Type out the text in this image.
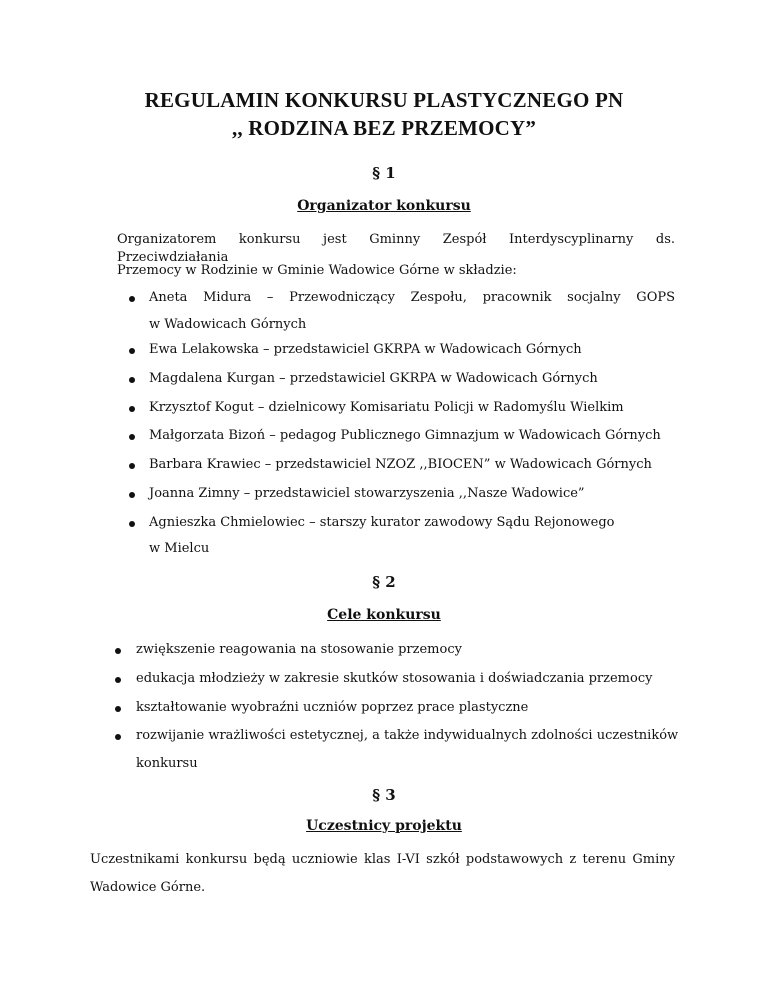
REGULAMIN KONKURSU PLASTYCZNEGO PN
,, RODZINA BEZ PRZEMOCY”
§ 1
Organizator konkursu
Organizatorem konkursu jest Gminny Zespół Interdyscyplinarny ds. Przeciwdziałania
Przemocy w Rodzinie w Gminie Wadowice Górne w składzie:
Aneta Midura – Przewodniczący Zespołu, pracownik socjalny GOPS
w Wadowicach Górnych
Ewa Lelakowska – przedstawiciel GKRPA w Wadowicach Górnych
Magdalena Kurgan – przedstawiciel GKRPA w Wadowicach Górnych
Krzysztof Kogut – dzielnicowy Komisariatu Policji w Radomyślu Wielkim
Małgorzata Bizoń – pedagog Publicznego Gimnazjum w Wadowicach Górnych
Barbara Krawiec – przedstawiciel NZOZ ,,BIOCEN” w Wadowicach Górnych
Joanna Zimny – przedstawiciel stowarzyszenia ,,Nasze Wadowice”
Agnieszka Chmielowiec – starszy kurator zawodowy Sądu Rejonowego
w Mielcu
§ 2
Cele konkursu
zwiększenie reagowania na stosowanie przemocy
edukacja młodzieży w zakresie skutków stosowania i doświadczania przemocy
kształtowanie wyobraźni uczniów poprzez prace plastyczne
rozwijanie wrażliwości estetycznej, a także indywidualnych zdolności uczestników
konkursu
§ 3
Uczestnicy projektu
Uczestnikami konkursu będą uczniowie klas I-VI szkół podstawowych z terenu Gminy
Wadowice Górne.
